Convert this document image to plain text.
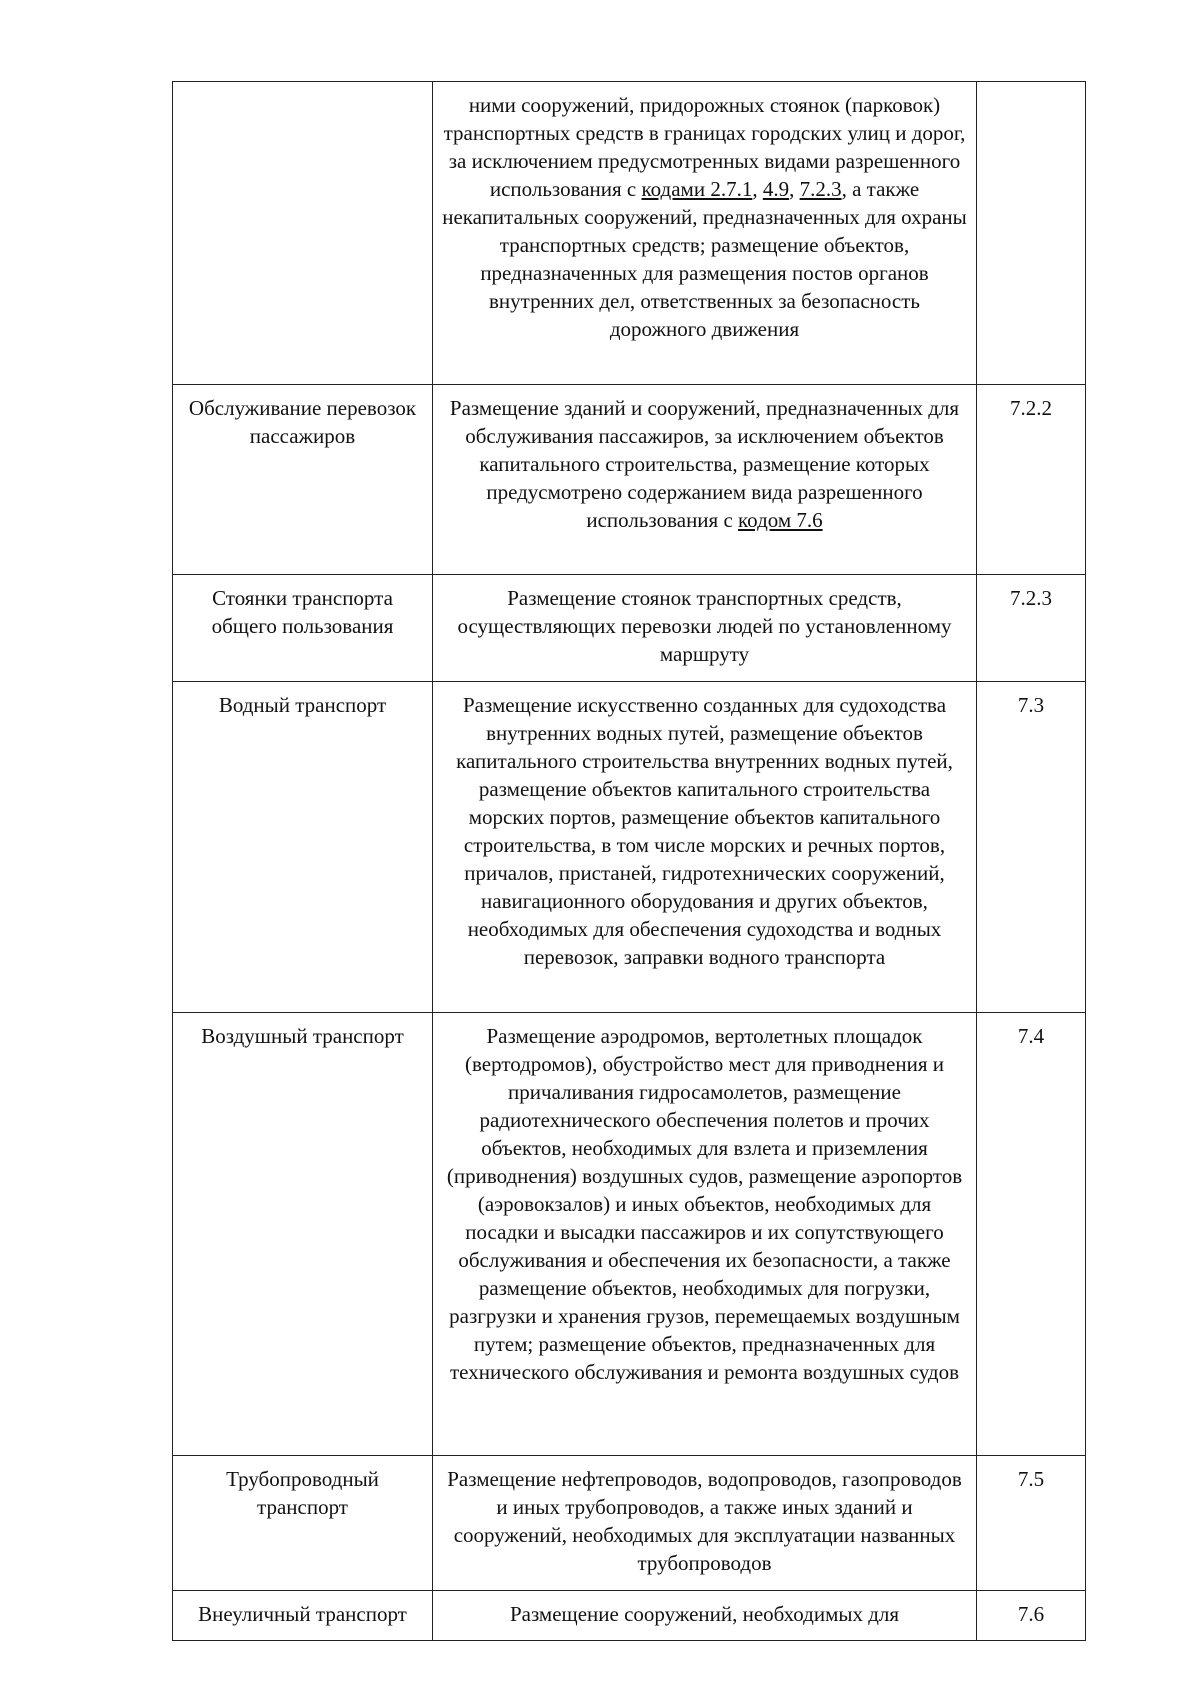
	ними сооружений, придорожных стоянок (парковок) транспортных средств в границах городских улиц и дорог, за исключением предусмотренных видами разрешенного использования с кодами 2.7.1, 4.9, 7.2.3, а также некапитальных сооружений, предназначенных для охраны транспортных средств; размещение объектов, предназначенных для размещения постов органов внутренних дел, ответственных за безопасность дорожного движения	
Обслуживание перевозок пассажиров	Размещение зданий и сооружений, предназначенных для обслуживания пассажиров, за исключением объектов капитального строительства, размещение которых предусмотрено содержанием вида разрешенного использования с кодом 7.6	7.2.2
Стоянки транспорта общего пользования	Размещение стоянок транспортных средств, осуществляющих перевозки людей по установленному маршруту	7.2.3
Водный транспорт	Размещение искусственно созданных для судоходства внутренних водных путей, размещение объектов капитального строительства внутренних водных путей, размещение объектов капитального строительства морских портов, размещение объектов капитального строительства, в том числе морских и речных портов, причалов, пристаней, гидротехнических сооружений, навигационного оборудования и других объектов, необходимых для обеспечения судоходства и водных перевозок, заправки водного транспорта	7.3
Воздушный транспорт	Размещение аэродромов, вертолетных площадок (вертодромов), обустройство мест для приводнения и причаливания гидросамолетов, размещение радиотехнического обеспечения полетов и прочих объектов, необходимых для взлета и приземления (приводнения) воздушных судов, размещение аэропортов (аэровокзалов) и иных объектов, необходимых для посадки и высадки пассажиров и их сопутствующего обслуживания и обеспечения их безопасности, а также размещение объектов, необходимых для погрузки, разгрузки и хранения грузов, перемещаемых воздушным путем; размещение объектов, предназначенных для технического обслуживания и ремонта воздушных судов	7.4
Трубопроводный транспорт	Размещение нефтепроводов, водопроводов, газопроводов и иных трубопроводов, а также иных зданий и сооружений, необходимых для эксплуатации названных трубопроводов	7.5
Внеуличный транспорт	Размещение сооружений, необходимых для	7.6
